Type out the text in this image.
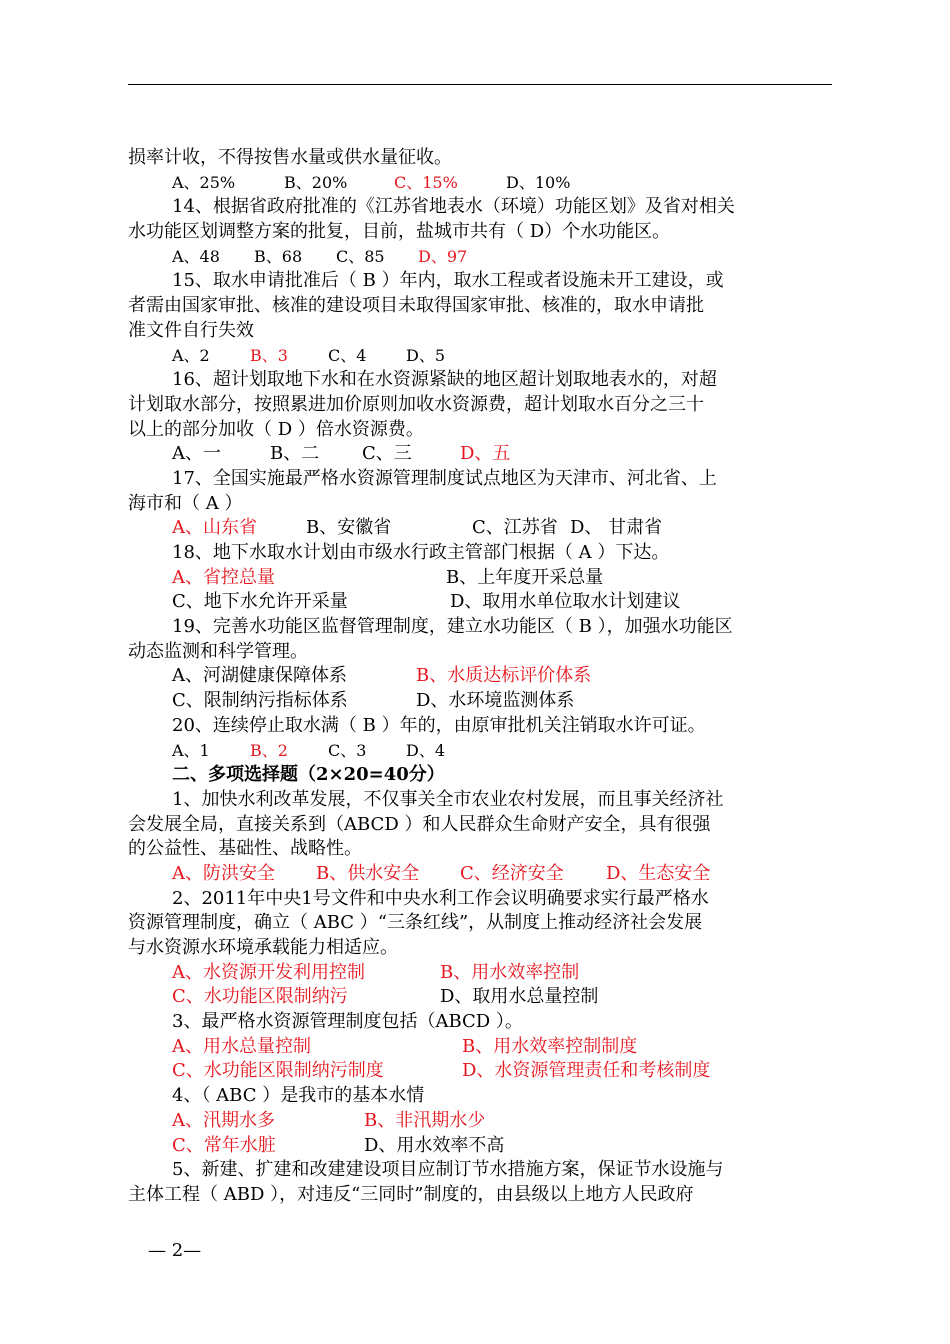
损率计收，不得按售水量或供水量征收。
A、25%	B、20%	C、15%	D、10%
14、根据省政府批准的《江苏省地表水（环境）功能区划》及省对相关
水功能区划调整方案的批复，目前，盐城市共有（ D）个水功能区。
A、48 B、68 C、85 D、97
15、取水申请批准后（ B ）年内，取水工程或者设施未开工建设，或
者需由国家审批、核准的建设项目未取得国家审批、核准的，取水申请批
准文件自行失效
A、2	B、3	C、4 D、5
16、超计划取地下水和在水资源紧缺的地区超计划取地表水的，对超
计划取水部分，按照累进加价原则加收水资源费，超计划取水百分之三十
以上的部分加收（ D ）倍水资源费。
A、一	B、二 C、三	D、五
17、全国实施最严格水资源管理制度试点地区为天津市、河北省、上
海市和（ A ）
A、山东省	B、安徽省	C、江苏省 D、 甘肃省
18、地下水取水计划由市级水行政主管部门根据（ A ）下达。
A、省控总量	B、上年度开采总量
C、地下水允许开采量	D、取用水单位取水计划建议
19、完善水功能区监督管理制度，建立水功能区（ B ），加强水功能区
动态监测和科学管理。
A、河湖健康保障体系	B、水质达标评价体系
C、限制纳污指标体系	D、水环境监测体系
20、连续停止取水满（ B ）年的，由原审批机关注销取水许可证。
A、1	B、2	C、3 D、4
二、多项选择题（2×20=40分）
1、加快水利改革发展，不仅事关全市农业农村发展，而且事关经济社
会发展全局，直接关系到（ABCD ）和人民群众生命财产安全，具有很强
的公益性、基础性、战略性。
A、防洪安全 B、供水安全 C、经济安全 D、生态安全
2、2011年中央1号文件和中央水利工作会议明确要求实行最严格水
资源管理制度，确立（ ABC ）“三条红线”，从制度上推动经济社会发展
与水资源水环境承载能力相适应。
A、水资源开发利用控制	B、用水效率控制
C、水功能区限制纳污	D、取用水总量控制
3、最严格水资源管理制度包括（ABCD ）。
A、用水总量控制	B、用水效率控制制度
C、水功能区限制纳污制度	D、水资源管理责任和考核制度
4、（ ABC ）是我市的基本水情
A、汛期水多	B、非汛期水少
C、常年水脏	D、用水效率不高
5、新建、扩建和改建建设项目应制订节水措施方案，保证节水设施与
主体工程（ ABD ），对违反“三同时”制度的，由县级以上地方人民政府
— 2—
